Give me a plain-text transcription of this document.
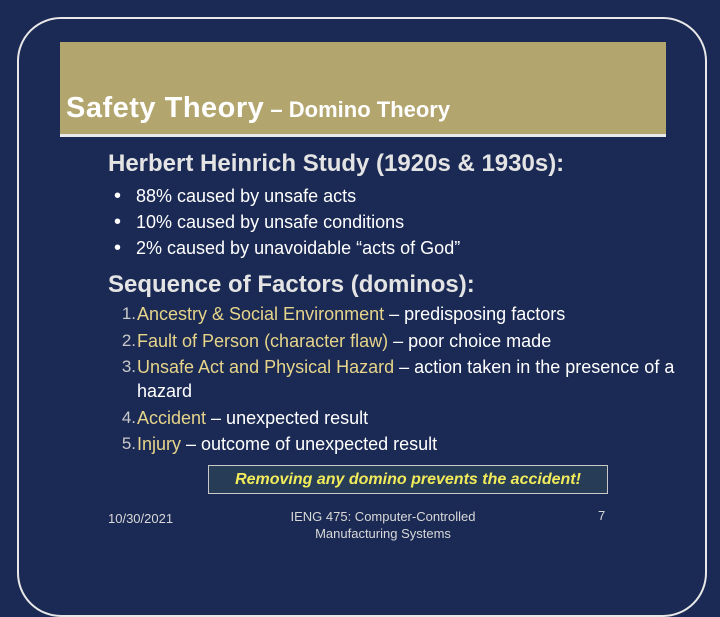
Safety Theory – Domino Theory
Herbert Heinrich Study (1920s & 1930s):
• 88% caused by unsafe acts
• 10% caused by unsafe conditions
• 2% caused by unavoidable “acts of God”
Sequence of Factors (dominos):
1. Ancestry & Social Environment – predisposing factors
2. Fault of Person (character flaw) – poor choice made
3. Unsafe Act and Physical Hazard – action taken in the presence of a hazard
4. Accident – unexpected result
5. Injury – outcome of unexpected result
Removing any domino prevents the accident!
10/30/2021	IENG 475: Computer-Controlled Manufacturing Systems
7
